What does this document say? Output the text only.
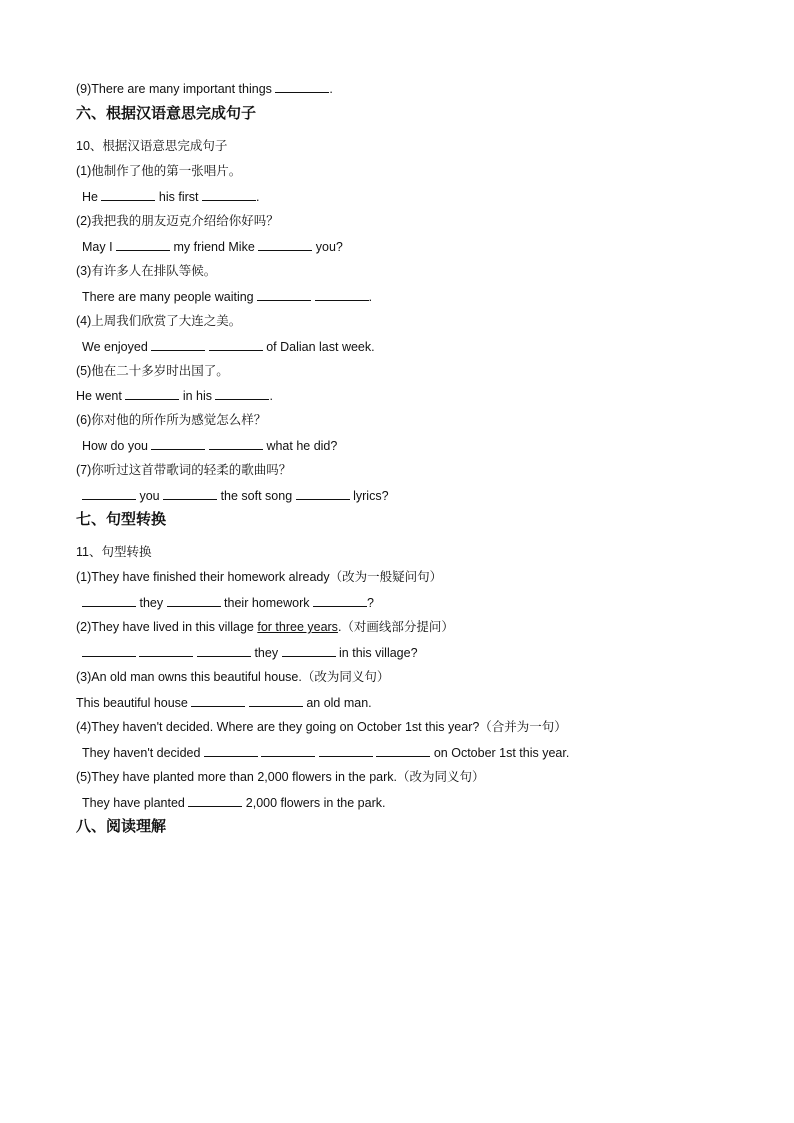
(9)There are many important things	.
六、根据汉语意思完成句子
10、根据汉语意思完成句子
(1)他制作了他的第一张唱片。
He	his first	.
(2)我把我的朋友迈克介绍给你好吗？
May I	my friend Mike	you?
(3)有许多人在排队等候。
There are many people waiting	.
(4)上周我们欣赏了大连之美。
We enjoyed	of Dalian last week.
(5)他在二十多岁时出国了。
He went	in his	.
(6)你对他的所作所为感觉怎么样？
How do you	what he did?
(7)你听过这首带歌词的轻柔的歌曲吗？
you	the soft song	lyrics?
七、句型转换
11、句型转换
(1)They have finished their homework already（改为一般疑问句）
they	their homework	?
(2)They have lived in this village for three years.（对画线部分提问）
they	in this village?
(3)An old man owns this beautiful house.（改为同义句）
This beautiful house	an old man.
(4)They haven't decided. Where are they going on October 1st this year?（合并为一句）
They haven't decided	on October 1st this year.
(5)They have planted more than 2,000 flowers in the park.（改为同义句）
They have planted	2,000 flowers in the park.
八、阅读理解
